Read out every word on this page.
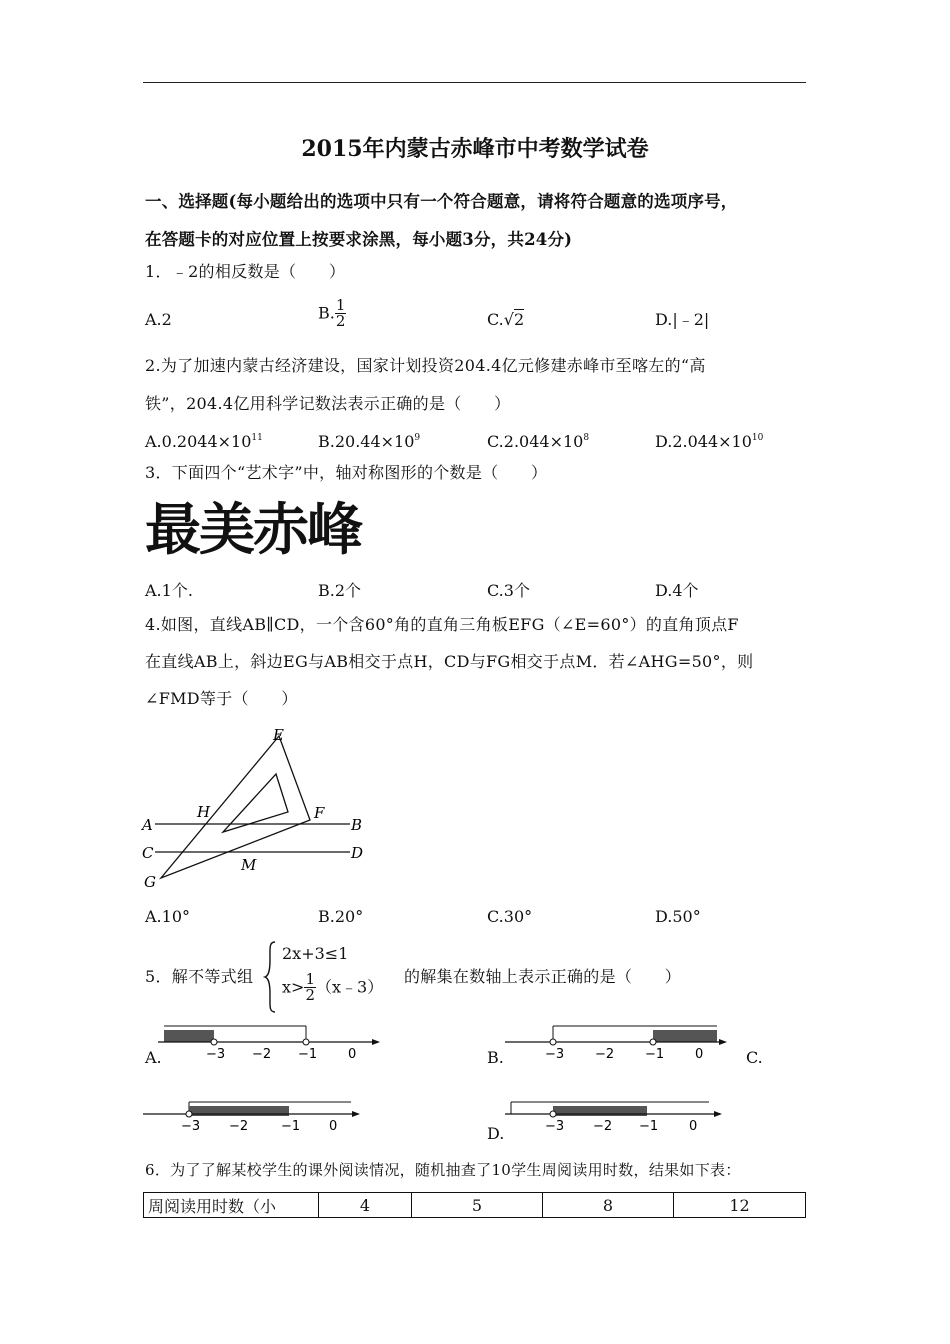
2015年内蒙古赤峰市中考数学试卷
一、选择题(每小题给出的选项中只有一个符合题意，请将符合题意的选项序号，
在答题卡的对应位置上按要求涂黑，每小题3分，共24分)
1．﹣2的相反数是（　　）
A.2	B. $\frac{1}{2}$	C.√2	D.|﹣2|
2.为了加速内蒙古经济建设，国家计划投资204.4亿元修建赤峰市至喀左的“高
铁”，204.4亿用科学记数法表示正确的是（　　）
$A.0.2044\times 10^{11}$	$B.20.44\times 10^9$	$C.2.044\times 10^8$	$D.2.044\times 10^{10}$
3．下面四个“艺术字”中，轴对称图形的个数是（　　）
最美赤峰
A.1个.	B.2个	C.3个	D.4个
4.如图，直线AB∥CD，一个含60°角的直角三角板EFG（∠E=60°）的直角顶点F
在直线AB上，斜边EG与AB相交于点H，CD与FG相交于点M．若∠AHG=50°，则
∠FMD等于（　　）
E
H	F
A	B
C	D
M
G
A.10°	B.20°	C.30°	D.50°
5．解不等式组
2x+3≤1
$x> \frac{1}{2}$ （x﹣3）
的解集在数轴上表示正确的是（　　）
−3 −2 −1 0
A.	−3 −2 −1 0
B.	C.
−3 −2	−1 0	−3 −2 −1 0
D.
6．为了了解某校学生的课外阅读情况，随机抽查了10学生周阅读用时数，结果如下表：
周阅读用时数（小	4	5	8	12
